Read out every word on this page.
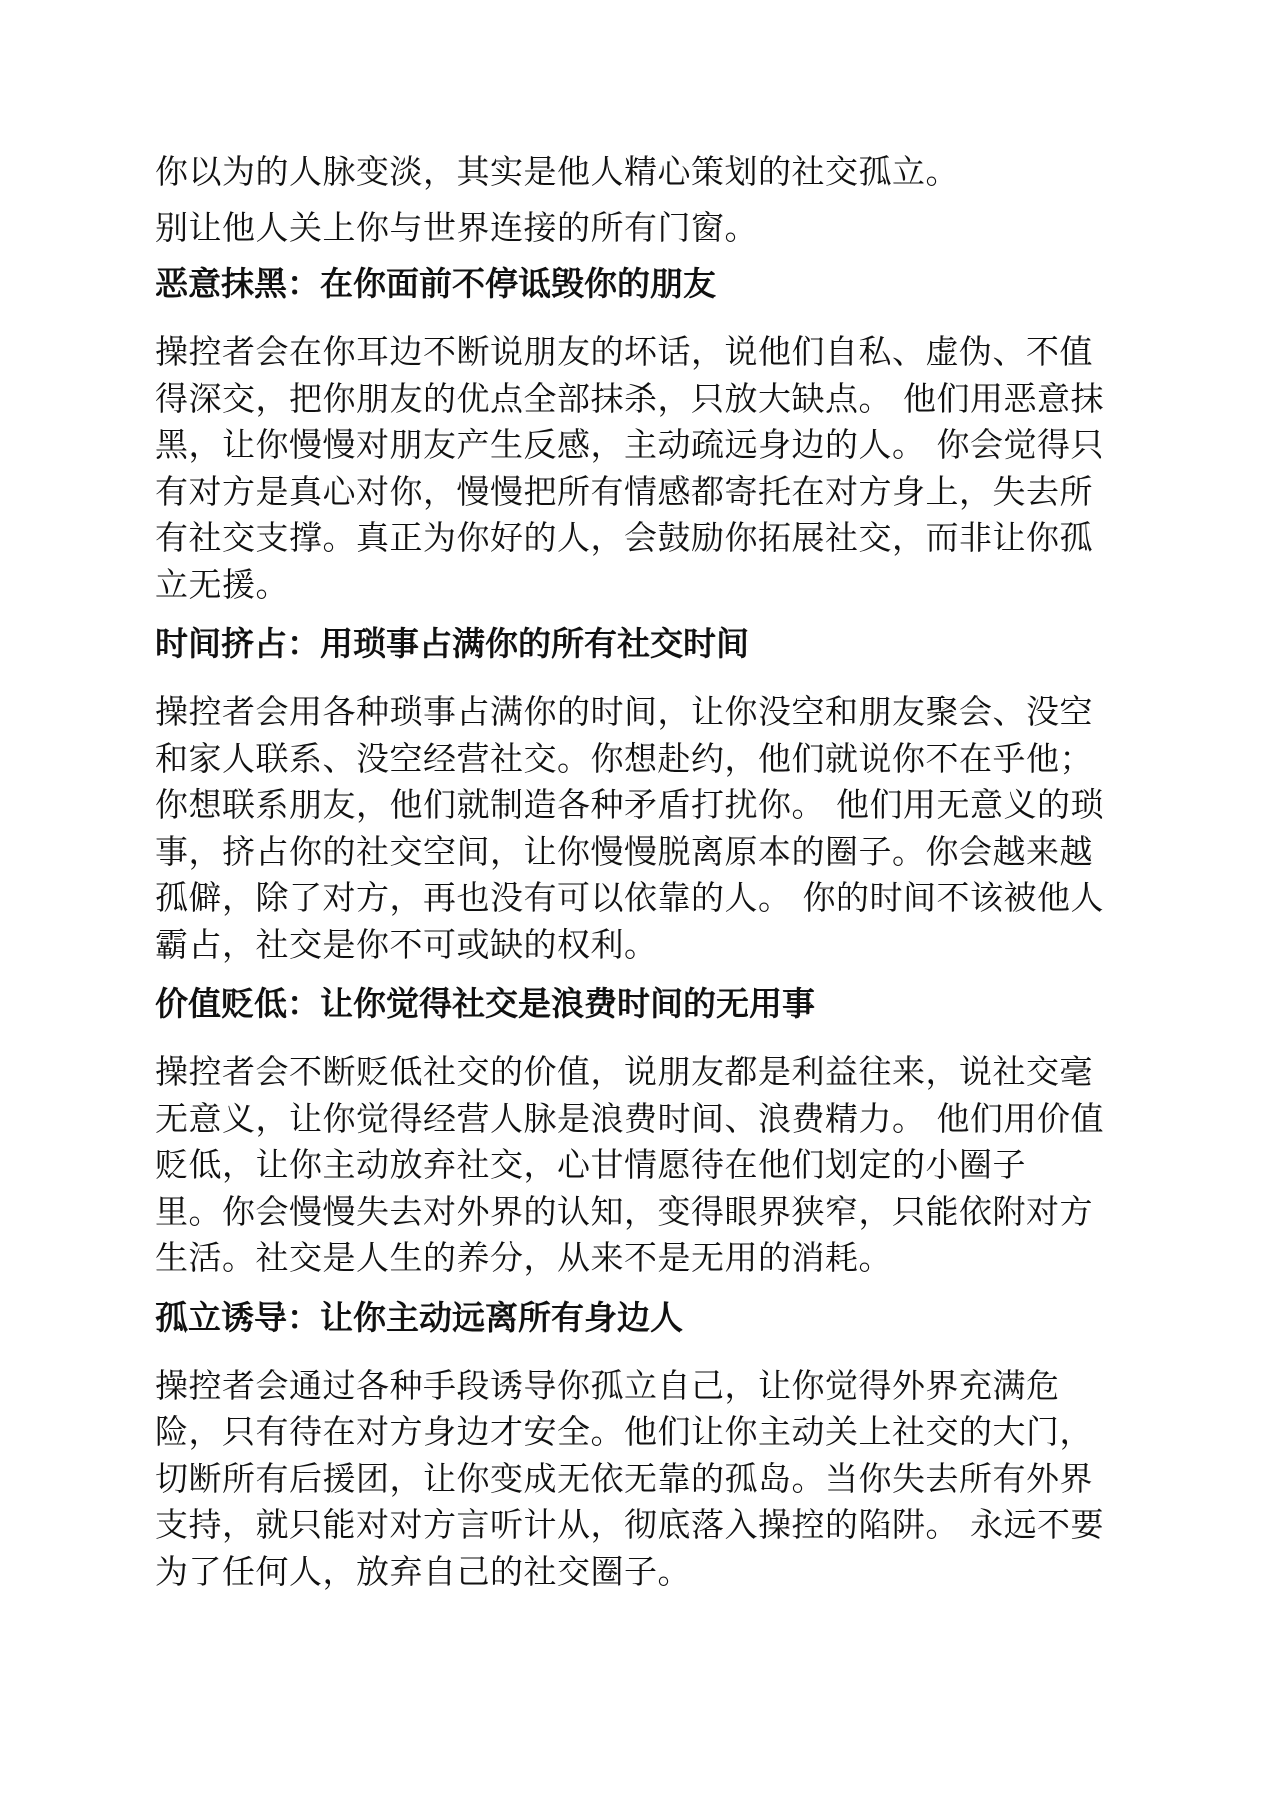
你以为的人脉变淡，其实是他人精心策划的社交孤立。
别让他人关上你与世界连接的所有门窗。
恶意抹黑：在你面前不停诋毁你的朋友
操控者会在你耳边不断说朋友的坏话，说他们自私、虚伪、不值
得深交，把你朋友的优点全部抹杀，只放大缺点。 他们用恶意抹
黑，让你慢慢对朋友产生反感，主动疏远身边的人。 你会觉得只
有对方是真心对你，慢慢把所有情感都寄托在对方身上，失去所
有社交支撑。真正为你好的人，会鼓励你拓展社交，而非让你孤
立无援。
时间挤占：用琐事占满你的所有社交时间
操控者会用各种琐事占满你的时间，让你没空和朋友聚会、没空
和家人联系、没空经营社交。你想赴约，他们就说你不在乎他；
你想联系朋友，他们就制造各种矛盾打扰你。 他们用无意义的琐
事，挤占你的社交空间，让你慢慢脱离原本的圈子。你会越来越
孤僻，除了对方，再也没有可以依靠的人。 你的时间不该被他人
霸占，社交是你不可或缺的权利。
价值贬低：让你觉得社交是浪费时间的无用事
操控者会不断贬低社交的价值，说朋友都是利益往来，说社交毫
无意义，让你觉得经营人脉是浪费时间、浪费精力。 他们用价值
贬低，让你主动放弃社交，心甘情愿待在他们划定的小圈子
里。你会慢慢失去对外界的认知，变得眼界狭窄，只能依附对方
生活。社交是人生的养分，从来不是无用的消耗。
孤立诱导：让你主动远离所有身边人
操控者会通过各种手段诱导你孤立自己，让你觉得外界充满危
险，只有待在对方身边才安全。他们让你主动关上社交的大门，
切断所有后援团，让你变成无依无靠的孤岛。当你失去所有外界
支持，就只能对对方言听计从，彻底落入操控的陷阱。 永远不要
为了任何人，放弃自己的社交圈子。
